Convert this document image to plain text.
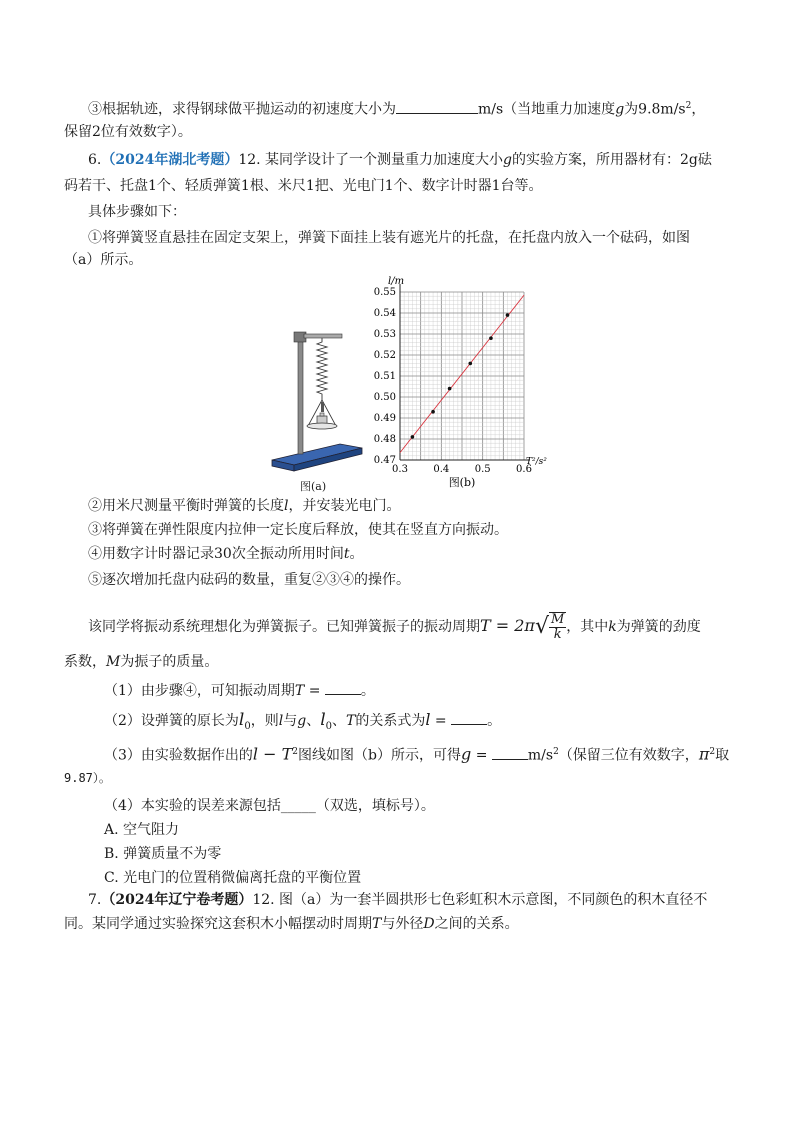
③根据轨迹，求得钢球做平抛运动的初速度大小为	m/s（当地重力加速度g为$9.8m/s^2$，
保留2位有效数字）。
6.（2024年湖北考题）12. 某同学设计了一个测量重力加速度大小g的实验方案，所用器材有：2g砝
码若干、托盘1个、轻质弹簧1根、米尺1把、光电门1个、数字计时器1台等。
具体步骤如下：
①将弹簧竖直悬挂在固定支架上，弹簧下面挂上装有遮光片的托盘，在托盘内放入一个砝码，如图
（a）所示。
图(a)
0.3	0.4	0.5	0.6
0.47
0.48
0.49
0.50
0.51
0.52
0.53
0.54
0.55
l/m
T²/s²
图(b)
②用米尺测量平衡时弹簧的长度l，并安装光电门。
③将弹簧在弹性限度内拉伸一定长度后释放，使其在竖直方向振动。
④用数字计时器记录30次全振动所用时间t。
⑤逐次增加托盘内砝码的数量，重复②③④的操作。
该同学将振动系统理想化为弹簧振子。已知弹簧振子的振动周期$T = 2\pi√ \frac{M}{k}$ ，其中k为弹簧的劲度
系数，M为振子的质量。
（1）由步骤④，可知振动周期T =	。
（2）设弹簧的原长为$l_0$，则l与g、$l_0$、T的关系式为l =	。
（3）由实验数据作出的$l - T^2$图线如图（b）所示，可得g =	$m/s^2$（保留三位有效数字，$\pi^2$取
9.87）。
（4）本实验的误差来源包括_____（双选，填标号）。
A. 空气阻力
B. 弹簧质量不为零
C. 光电门的位置稍微偏离托盘的平衡位置
7.（2024年辽宁卷考题）12. 图（a）为一套半圆拱形七色彩虹积木示意图，不同颜色的积木直径不
同。某同学通过实验探究这套积木小幅摆动时周期T与外径D之间的关系。
